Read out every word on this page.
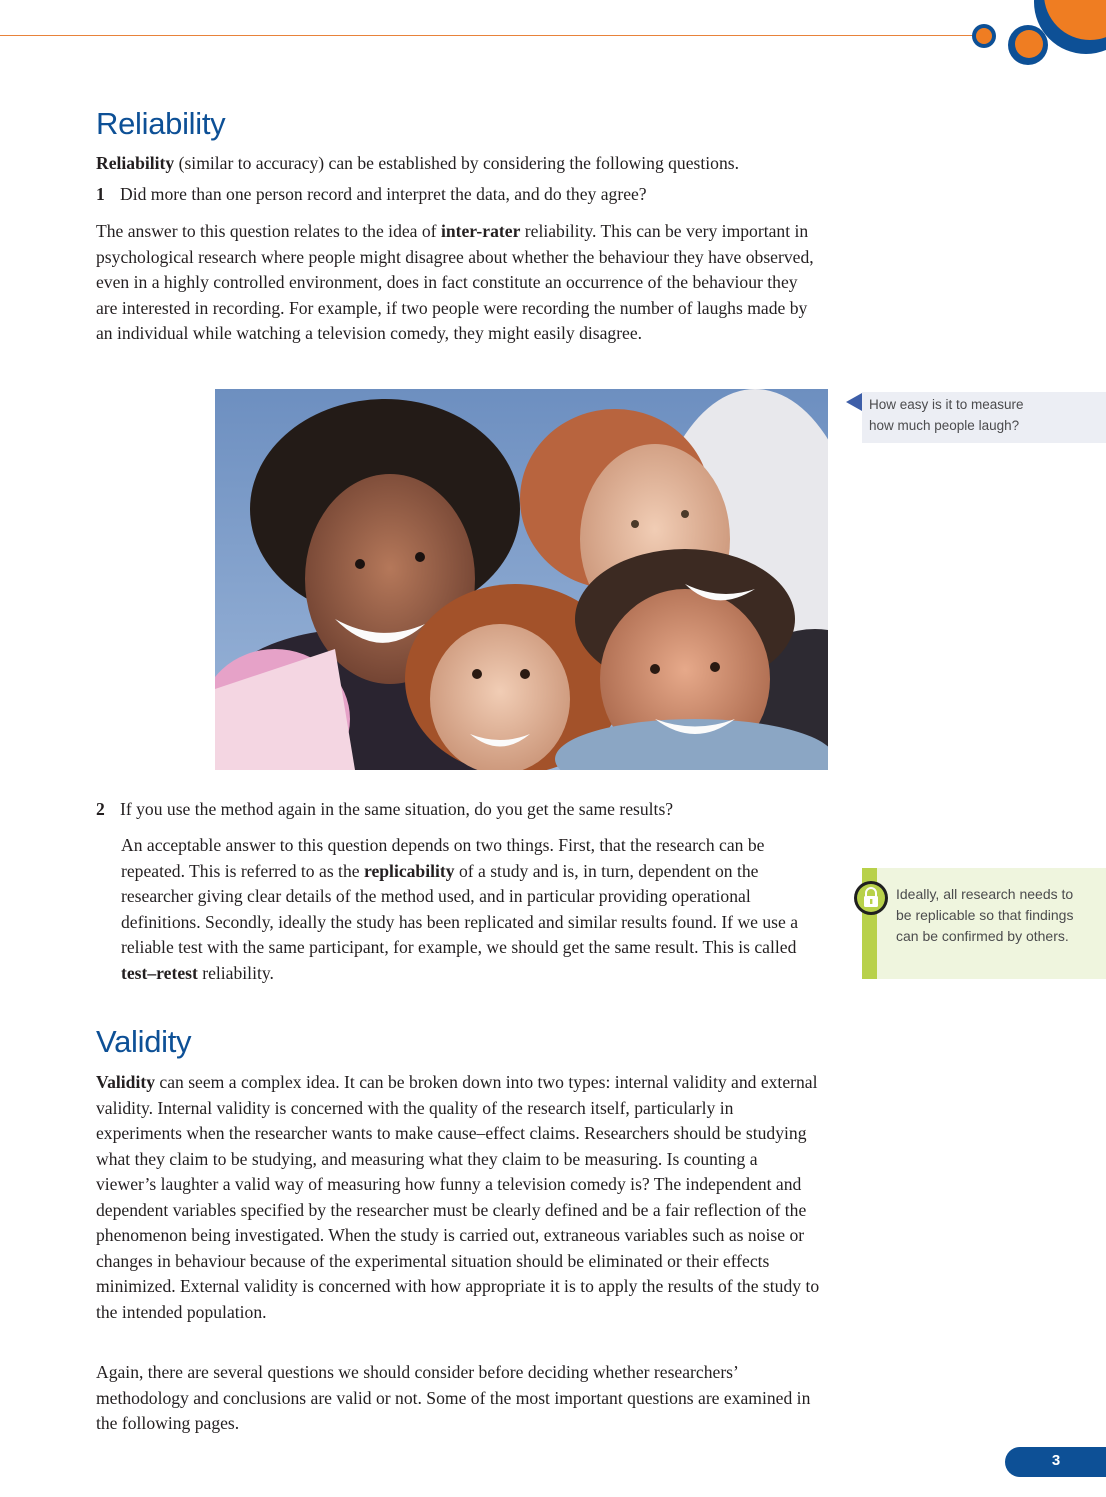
Reliability

Reliability (similar to accuracy) can be established by considering the following questions.

1 Did more than one person record and interpret the data, and do they agree?

The answer to this question relates to the idea of inter-rater reliability. This can be very important in psychological research where people might disagree about whether the behaviour they have observed, even in a highly controlled environment, does in fact constitute an occurrence of the behaviour they are interested in recording. For example, if two people were recording the number of laughs made by an individual while watching a television comedy, they might easily disagree.

How easy is it to measure how much people laugh?

2 If you use the method again in the same situation, do you get the same results?

An acceptable answer to this question depends on two things. First, that the research can be repeated. This is referred to as the replicability of a study and is, in turn, dependent on the researcher giving clear details of the method used, and in particular providing operational definitions. Secondly, ideally the study has been replicated and similar results found. If we use a reliable test with the same participant, for example, we should get the same result. This is called test–retest reliability.

Ideally, all research needs to be replicable so that findings can be confirmed by others.

Validity

Validity can seem a complex idea. It can be broken down into two types: internal validity and external validity. Internal validity is concerned with the quality of the research itself, particularly in experiments when the researcher wants to make cause–effect claims. Researchers should be studying what they claim to be studying, and measuring what they claim to be measuring. Is counting a viewer’s laughter a valid way of measuring how funny a television comedy is? The independent and dependent variables specified by the researcher must be clearly defined and be a fair reflection of the phenomenon being investigated. When the study is carried out, extraneous variables such as noise or changes in behaviour because of the experimental situation should be eliminated or their effects minimized. External validity is concerned with how appropriate it is to apply the results of the study to the intended population.

Again, there are several questions we should consider before deciding whether researchers’ methodology and conclusions are valid or not. Some of the most important questions are examined in the following pages.

3
